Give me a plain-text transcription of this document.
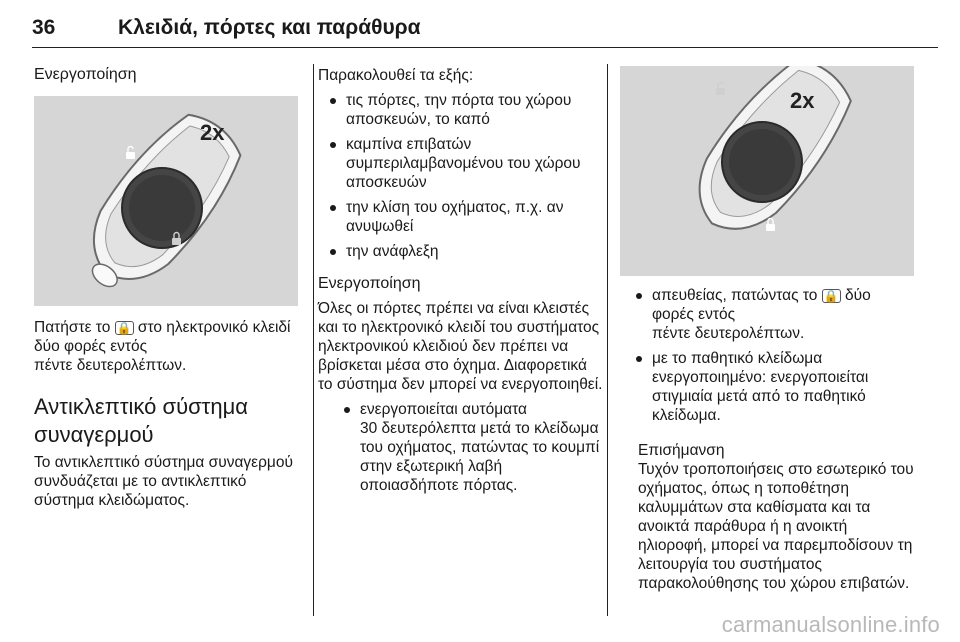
36	Κλειδιά, πόρτες και παράθυρα
Ενεργοποίηση
2x

Πατήστε το 🔒 στο ηλεκτρονικό κλειδί
δύο φορές εντός
πέντε δευτερολέπτων.

Αντικλεπτικό σύστημα συναγερμού

Το αντικλεπτικό σύστημα συναγερμού συνδυάζεται με το αντικλεπτικό σύστημα κλειδώματος.

Παρακολουθεί τα εξής:

τις πόρτες, την πόρτα του χώρου αποσκευών, το καπό
καμπίνα επιβατών συμπεριλαμβανομένου του χώρου αποσκευών
την κλίση του οχήματος, π.χ. αν ανυψωθεί
την ανάφλεξη
Ενεργοποίηση

Όλες οι πόρτες πρέπει να είναι κλειστές και το ηλεκτρονικό κλειδί του συστήματος ηλεκτρονικού κλειδιού δεν πρέπει να βρίσκεται μέσα στο όχημα. Διαφορετικά το σύστημα δεν μπορεί να ενεργοποιηθεί.

ενεργοποιείται αυτόματα
30 δευτερόλεπτα μετά το κλείδωμα του οχήματος, πατώντας το κουμπί στην εξωτερική λαβή οποιασδήποτε πόρτας.
2x
απευθείας, πατώντας το 🔒 δύο φορές εντός
πέντε δευτερολέπτων.
με το παθητικό κλείδωμα ενεργοποιημένο: ενεργοποιείται στιγμιαία μετά από το παθητικό κλείδωμα.
Επισήμανση

Τυχόν τροποποιήσεις στο εσωτερικό του οχήματος, όπως η τοποθέτηση καλυμμάτων στα καθίσματα και τα ανοικτά παράθυρα ή η ανοικτή ηλιοροφή, μπορεί να παρεμποδίσουν τη λειτουργία του συστήματος παρακολούθησης του χώρου επιβατών.

carmanualsonline.info
